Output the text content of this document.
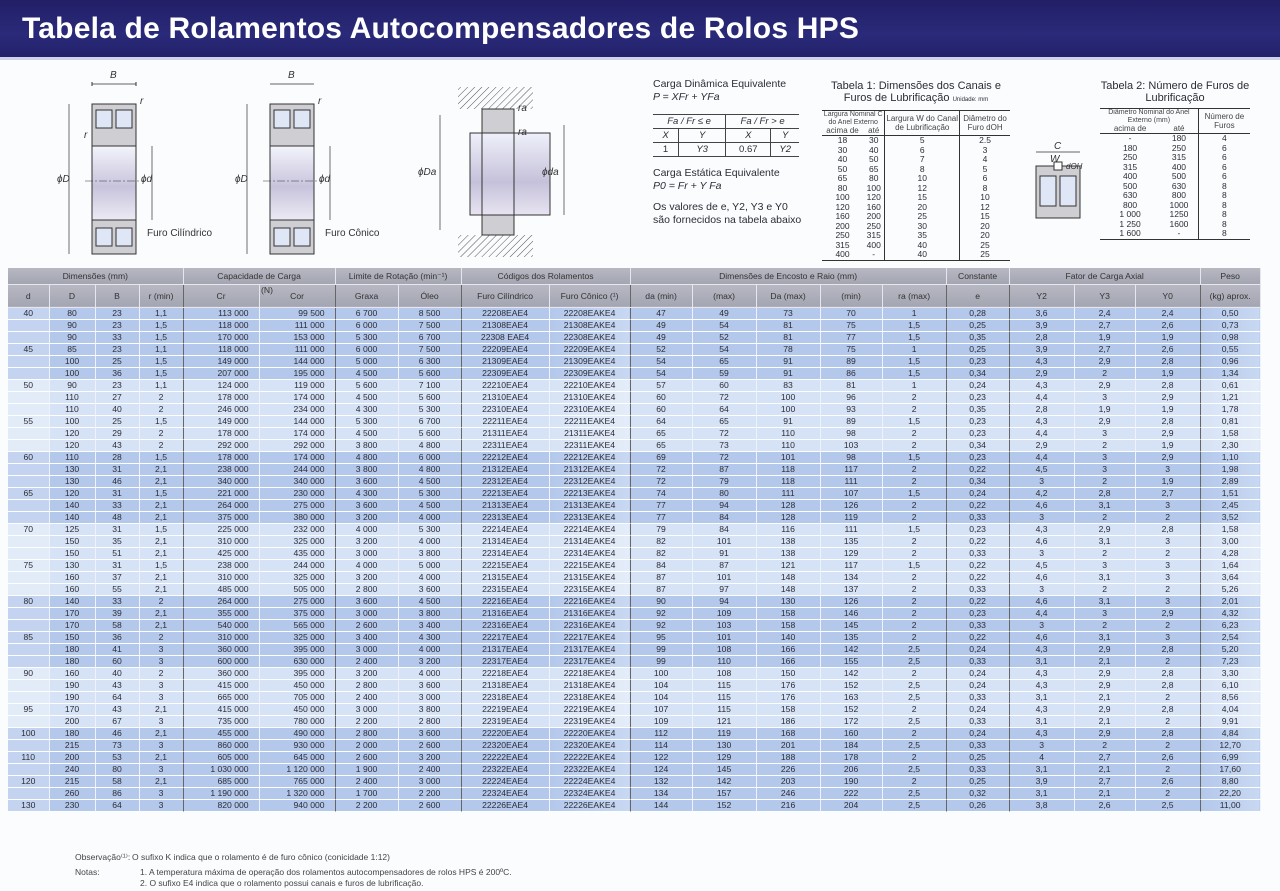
Tabela de Rolamentos Autocompensadores de Rolos HPS
B
r
r
ϕD	ϕd
Furo Cilíndrico
B
r
ϕD	ϕd
Furo Cônico
ϕDa	ϕda
ra
ra
Carga Dinâmica Equivalente
P = XFr + YFa
Fa / Fr ≤ e		Fa / Fr > e	
X	Y	X	Y
1	Y3	0.67	Y2
Carga Estática Equivalente
P0 = Fr + Y Fa
Os valores de e, Y2, Y3 e Y0 são fornecidos na tabela abaixo
Tabela 1: Dimensões dos Canais e Furos de Lubrificação Unidade: mm
Largura Nominal C do Anel Externo		Largura W do Canal de Lubrificação	Diâmetro do Furo dOH
acima de	até		
18	30	5	2.5
30	40	6	3
40	50	7	4
50	65	8	5
65	80	10	6
80	100	12	8
100	120	15	10
120	160	20	12
160	200	25	15
200	250	30	20
250	315	35	20
315	400	40	25
400	-	40	25
C
W
dOH
Tabela 2: Número de Furos de Lubrificação
Diâmetro Nominal do Anel Externo (mm)		Número de Furos
acima de	até	
-	180	4
180	250	6
250	315	6
315	400	6
400	500	6
500	630	8
630	800	8
800	1000	8
1 000	1250	8
1 250	1600	8
1 600	-	8
Dimensões (mm)				Capacidade de Carga		Limite de Rotação (min⁻¹)		Códigos dos Rolamentos		Dimensões de Encosto e Raio (mm)					Constante	Fator de Carga Axial			Peso
d	D	B	r (min)	Cr	Cor	Graxa	Óleo	Furo Cilíndrico	Furo Cônico (¹)	da (min)	(max)	Da (max)	(min)	ra (max)	e	Y2	Y3	Y0	(kg) aprox.
40	80	23	1,1	113 000	99 500	6 700	8 500	22208EAE4	22208EAKE4	47	49	73	70	1	0,28	3,6	2,4	2,4	0,50
	90	23	1,5	118 000	111 000	6 000	7 500	21308EAE4	21308EAKE4	49	54	81	75	1,5	0,25	3,9	2,7	2,6	0,73
	90	33	1,5	170 000	153 000	5 300	6 700	22308 EAE4	22308EAKE4	49	52	81	77	1,5	0,35	2,8	1,9	1,9	0,98
45	85	23	1,1	118 000	111 000	6 000	7 500	22209EAE4	22209EAKE4	52	54	78	75	1	0,25	3,9	2,7	2,6	0,55
	100	25	1,5	149 000	144 000	5 000	6 300	21309EAE4	21309EAKE4	54	65	91	89	1,5	0,23	4,3	2,9	2,8	0,96
	100	36	1,5	207 000	195 000	4 500	5 600	22309EAE4	22309EAKE4	54	59	91	86	1,5	0,34	2,9	2	1,9	1,34
50	90	23	1,1	124 000	119 000	5 600	7 100	22210EAE4	22210EAKE4	57	60	83	81	1	0,24	4,3	2,9	2,8	0,61
	110	27	2	178 000	174 000	4 500	5 600	21310EAE4	21310EAKE4	60	72	100	96	2	0,23	4,4	3	2,9	1,21
	110	40	2	246 000	234 000	4 300	5 300	22310EAE4	22310EAKE4	60	64	100	93	2	0,35	2,8	1,9	1,9	1,78
55	100	25	1,5	149 000	144 000	5 300	6 700	22211EAE4	22211EAKE4	64	65	91	89	1,5	0,23	4,3	2,9	2,8	0,81
	120	29	2	178 000	174 000	4 500	5 600	21311EAE4	21311EAKE4	65	72	110	98	2	0,23	4,4	3	2,9	1,58
	120	43	2	292 000	292 000	3 800	4 800	22311EAE4	22311EAKE4	65	73	110	103	2	0,34	2,9	2	1,9	2,30
60	110	28	1,5	178 000	174 000	4 800	6 000	22212EAE4	22212EAKE4	69	72	101	98	1,5	0,23	4,4	3	2,9	1,10
	130	31	2,1	238 000	244 000	3 800	4 800	21312EAE4	21312EAKE4	72	87	118	117	2	0,22	4,5	3	3	1,98
	130	46	2,1	340 000	340 000	3 600	4 500	22312EAE4	22312EAKE4	72	79	118	111	2	0,34	3	2	1,9	2,89
65	120	31	1,5	221 000	230 000	4 300	5 300	22213EAE4	22213EAKE4	74	80	111	107	1,5	0,24	4,2	2,8	2,7	1,51
	140	33	2,1	264 000	275 000	3 600	4 500	21313EAE4	21313EAKE4	77	94	128	126	2	0,22	4,6	3,1	3	2,45
	140	48	2,1	375 000	380 000	3 200	4 000	22313EAE4	22313EAKE4	77	84	128	119	2	0,33	3	2	2	3,52
70	125	31	1,5	225 000	232 000	4 000	5 300	22214EAE4	22214EAKE4	79	84	116	111	1,5	0,23	4,3	2,9	2,8	1,58
	150	35	2,1	310 000	325 000	3 200	4 000	21314EAE4	21314EAKE4	82	101	138	135	2	0,22	4,6	3,1	3	3,00
	150	51	2,1	425 000	435 000	3 000	3 800	22314EAE4	22314EAKE4	82	91	138	129	2	0,33	3	2	2	4,28
75	130	31	1,5	238 000	244 000	4 000	5 000	22215EAE4	22215EAKE4	84	87	121	117	1,5	0,22	4,5	3	3	1,64
	160	37	2,1	310 000	325 000	3 200	4 000	21315EAE4	21315EAKE4	87	101	148	134	2	0,22	4,6	3,1	3	3,64
	160	55	2,1	485 000	505 000	2 800	3 600	22315EAE4	22315EAKE4	87	97	148	137	2	0,33	3	2	2	5,26
80	140	33	2	264 000	275 000	3 600	4 500	22216EAE4	22216EAKE4	90	94	130	126	2	0,22	4,6	3,1	3	2,01
	170	39	2,1	355 000	375 000	3 000	3 800	21316EAE4	21316EAKE4	92	109	158	146	2	0,23	4,4	3	2,9	4,32
	170	58	2,1	540 000	565 000	2 600	3 400	22316EAE4	22316EAKE4	92	103	158	145	2	0,33	3	2	2	6,23
85	150	36	2	310 000	325 000	3 400	4 300	22217EAE4	22217EAKE4	95	101	140	135	2	0,22	4,6	3,1	3	2,54
	180	41	3	360 000	395 000	3 000	4 000	21317EAE4	21317EAKE4	99	108	166	142	2,5	0,24	4,3	2,9	2,8	5,20
	180	60	3	600 000	630 000	2 400	3 200	22317EAE4	22317EAKE4	99	110	166	155	2,5	0,33	3,1	2,1	2	7,23
90	160	40	2	360 000	395 000	3 200	4 000	22218EAE4	22218EAKE4	100	108	150	142	2	0,24	4,3	2,9	2,8	3,30
	190	43	3	415 000	450 000	2 800	3 600	21318EAE4	21318EAKE4	104	115	176	152	2,5	0,24	4,3	2,9	2,8	6,10
	190	64	3	665 000	705 000	2 400	3 000	22318EAE4	22318EAKE4	104	115	176	163	2,5	0,33	3,1	2,1	2	8,56
95	170	43	2,1	415 000	450 000	3 000	3 800	22219EAE4	22219EAKE4	107	115	158	152	2	0,24	4,3	2,9	2,8	4,04
	200	67	3	735 000	780 000	2 200	2 800	22319EAE4	22319EAKE4	109	121	186	172	2,5	0,33	3,1	2,1	2	9,91
100	180	46	2,1	455 000	490 000	2 800	3 600	22220EAE4	22220EAKE4	112	119	168	160	2	0,24	4,3	2,9	2,8	4,84
	215	73	3	860 000	930 000	2 000	2 600	22320EAE4	22320EAKE4	114	130	201	184	2,5	0,33	3	2	2	12,70
110	200	53	2,1	605 000	645 000	2 600	3 200	22222EAE4	22222EAKE4	122	129	188	178	2	0,25	4	2,7	2,6	6,99
	240	80	3	1 030 000	1 120 000	1 900	2 400	22322EAE4	22322EAKE4	124	145	226	206	2,5	0,33	3,1	2,1	2	17,60
120	215	58	2,1	685 000	765 000	2 400	3 000	22224EAE4	22224EAKE4	132	142	203	190	2	0,25	3,9	2,7	2,6	8,80
	260	86	3	1 190 000	1 320 000	1 700	2 200	22324EAE4	22324EAKE4	134	157	246	222	2,5	0,32	3,1	2,1	2	22,20
130	230	64	3	820 000	940 000	2 200	2 600	22226EAE4	22226EAKE4	144	152	216	204	2,5	0,26	3,8	2,6	2,5	11,00
Observação⁽¹⁾: O sufixo K indica que o rolamento é de furo cônico (conicidade 1:12)
Notas:	1. A temperatura máxima de operação dos rolamentos autocompensadores de rolos HPS é 200ºC.
2. O sufixo E4 indica que o rolamento possui canais e furos de lubrificação.
(N)
